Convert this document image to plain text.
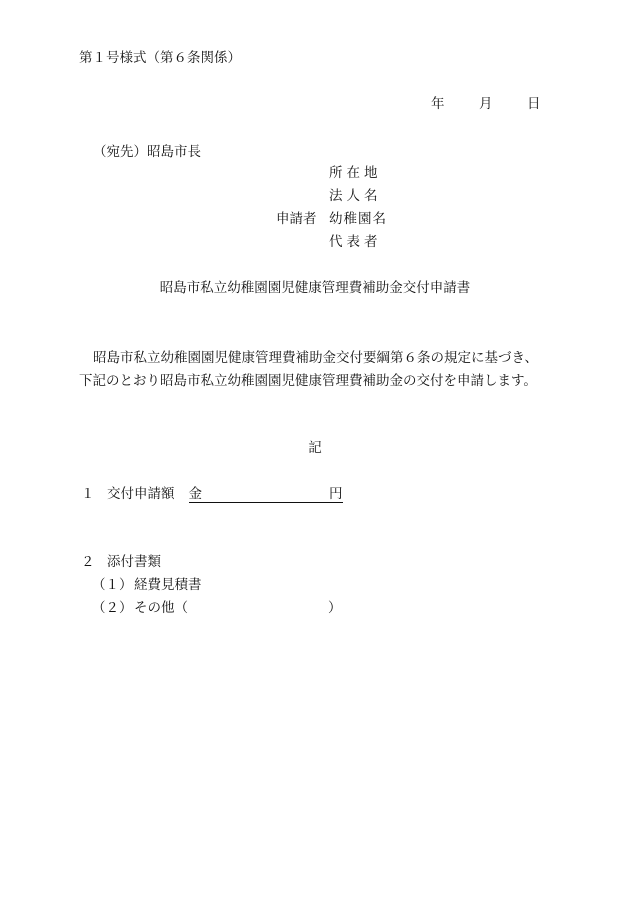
第１号様式（第６条関係）
年	月	日
（宛先）昭島市長
所在地
法人名
申請者 幼稚園名
代表者
昭島市私立幼稚園園児健康管理費補助金交付申請書
昭島市私立幼稚園園児健康管理費補助金交付要綱第６条の規定に基づき、下記のとおり昭島市私立幼稚園園児健康管理費補助金の交付を申請します。
記
１ 交付申請額 金	円
２ 添付書類
（１） 経費見積書
（２） その他（	）
